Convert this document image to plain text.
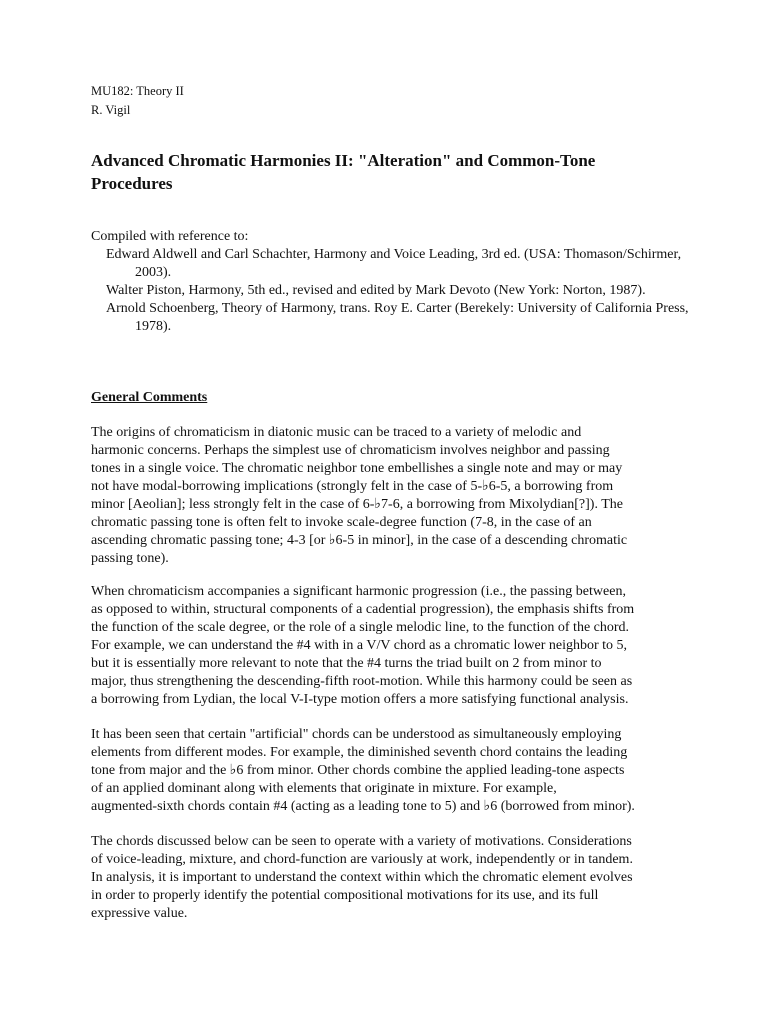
MU182: Theory II
R. Vigil
Advanced Chromatic Harmonies II: "Alteration" and Common-Tone Procedures
Compiled with reference to:
Edward Aldwell and Carl Schachter, Harmony and Voice Leading, 3rd ed. (USA: Thomason/Schirmer, 2003).
Walter Piston, Harmony, 5th ed., revised and edited by Mark Devoto (New York: Norton, 1987).
Arnold Schoenberg, Theory of Harmony, trans. Roy E. Carter (Berekely: University of California Press, 1978).
General Comments

The origins of chromaticism in diatonic music can be traced to a variety of melodic and
harmonic concerns. Perhaps the simplest use of chromaticism involves neighbor and passing
tones in a single voice. The chromatic neighbor tone embellishes a single note and may or may
not have modal-borrowing implications (strongly felt in the case of 5-♭6-5, a borrowing from
minor [Aeolian]; less strongly felt in the case of 6-♭7-6, a borrowing from Mixolydian[?]). The
chromatic passing tone is often felt to invoke scale-degree function (7-8, in the case of an
ascending chromatic passing tone; 4-3 [or ♭6-5 in minor], in the case of a descending chromatic
passing tone).

When chromaticism accompanies a significant harmonic progression (i.e., the passing between,
as opposed to within, structural components of a cadential progression), the emphasis shifts from
the function of the scale degree, or the role of a single melodic line, to the function of the chord.
For example, we can understand the #4 with in a V/V chord as a chromatic lower neighbor to 5,
but it is essentially more relevant to note that the #4 turns the triad built on 2 from minor to
major, thus strengthening the descending-fifth root-motion. While this harmony could be seen as
a borrowing from Lydian, the local V-I-type motion offers a more satisfying functional analysis.

It has been seen that certain "artificial" chords can be understood as simultaneously employing
elements from different modes. For example, the diminished seventh chord contains the leading
tone from major and the ♭6 from minor. Other chords combine the applied leading-tone aspects
of an applied dominant along with elements that originate in mixture. For example,
augmented-sixth chords contain #4 (acting as a leading tone to 5) and ♭6 (borrowed from minor).

The chords discussed below can be seen to operate with a variety of motivations. Considerations
of voice-leading, mixture, and chord-function are variously at work, independently or in tandem.
In analysis, it is important to understand the context within which the chromatic element evolves
in order to properly identify the potential compositional motivations for its use, and its full
expressive value.
